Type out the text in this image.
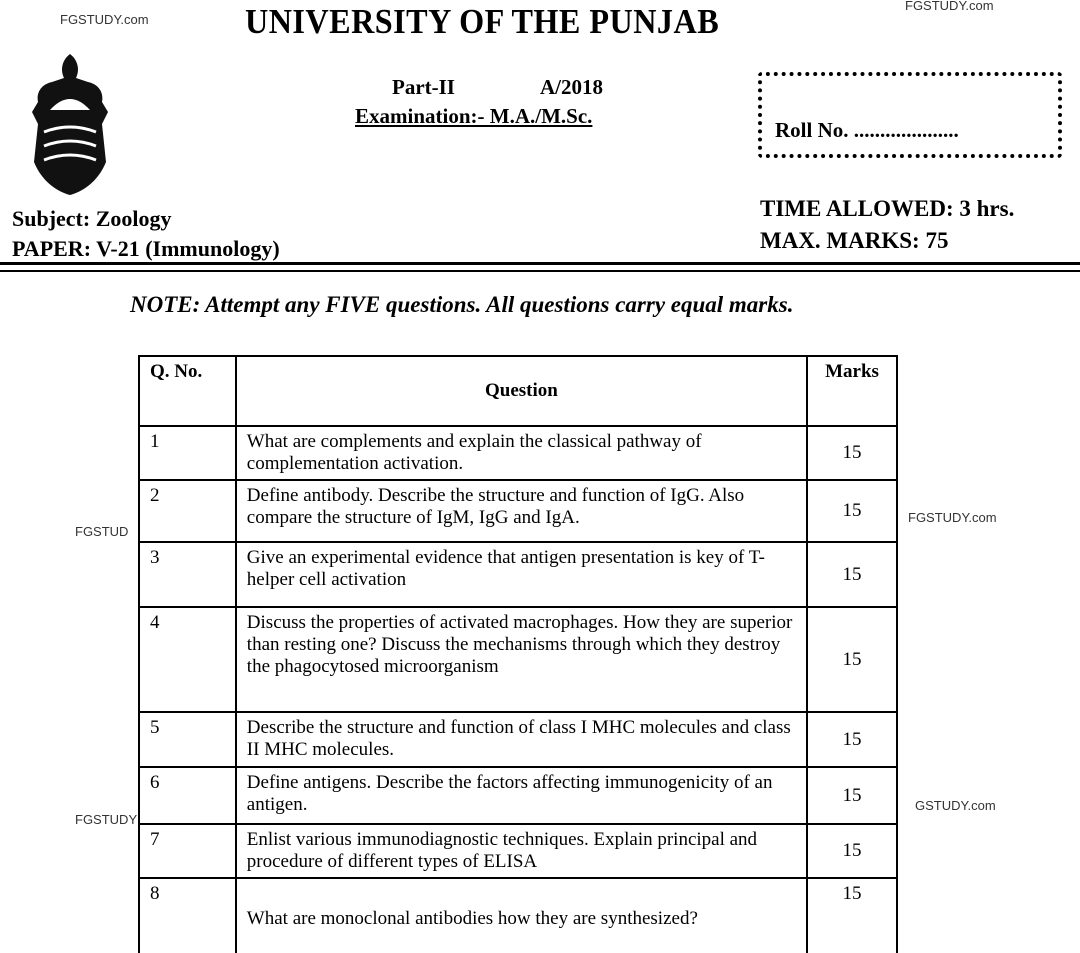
FGSTUDY.com
FGSTUDY.com
FGSTUD
FGSTUDY.com
FGSTUDY
GSTUDY.com
UNIVERSITY OF THE PUNJAB
Part-II	A/2018
Examination:- M.A./M.Sc.
Roll No. ....................
Subject: Zoology
PAPER: V-21 (Immunology)
TIME ALLOWED: 3 hrs.
MAX. MARKS: 75
NOTE: Attempt any FIVE questions. All questions carry equal marks.
Q. No.	Question	Marks
1	What are complements and explain the classical pathway of complementation activation.	15
2	Define antibody. Describe the structure and function of IgG. Also compare the structure of IgM, IgG and IgA.	15
3	Give an experimental evidence that antigen presentation is key of T-helper cell activation	15
4	Discuss the properties of activated macrophages. How they are superior than resting one? Discuss the mechanisms through which they destroy the phagocytosed microorganism	15
5	Describe the structure and function of class I MHC molecules and class II MHC molecules.	15
6	Define antigens. Describe the factors affecting immunogenicity of an antigen.	15
7	Enlist various immunodiagnostic techniques. Explain principal and procedure of different types of ELISA	15
8	What are monoclonal antibodies how they are synthesized?	15
